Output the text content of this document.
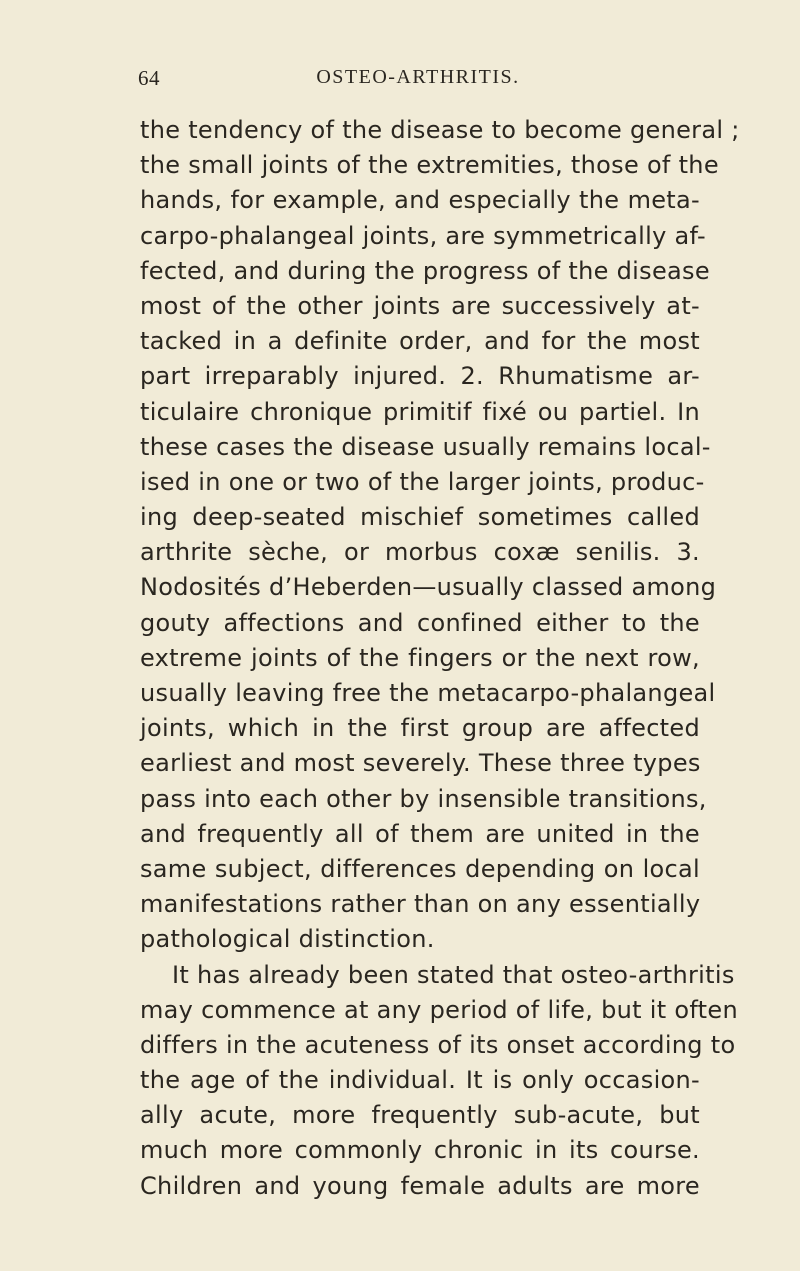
64	OSTEO-ARTHRITIS.
the tendency of the disease to become general ;
the small joints of the extremities, those of the
hands, for example, and especially the meta-
carpo-phalangeal joints, are symmetrically af-
fected, and during the progress of the disease
most of the other joints are successively at-
tacked in a definite order, and for the most
part irreparably injured. 2. Rhumatisme ar-
ticulaire chronique primitif fixé ou partiel. In
these cases the disease usually remains local-
ised in one or two of the larger joints, produc-
ing deep-seated mischief sometimes called
arthrite sèche, or morbus coxæ senilis. 3.
Nodosités d’Heberden—usually classed among
gouty affections and confined either to the
extreme joints of the fingers or the next row,
usually leaving free the metacarpo-phalangeal
joints, which in the first group are affected
earliest and most severely. These three types
pass into each other by insensible transitions,
and frequently all of them are united in the
same subject, differences depending on local
manifestations rather than on any essentially
pathological distinction.
It has already been stated that osteo-arthritis
may commence at any period of life, but it often
differs in the acuteness of its onset according to
the age of the individual. It is only occasion-
ally acute, more frequently sub-acute, but
much more commonly chronic in its course.
Children and young female adults are more
